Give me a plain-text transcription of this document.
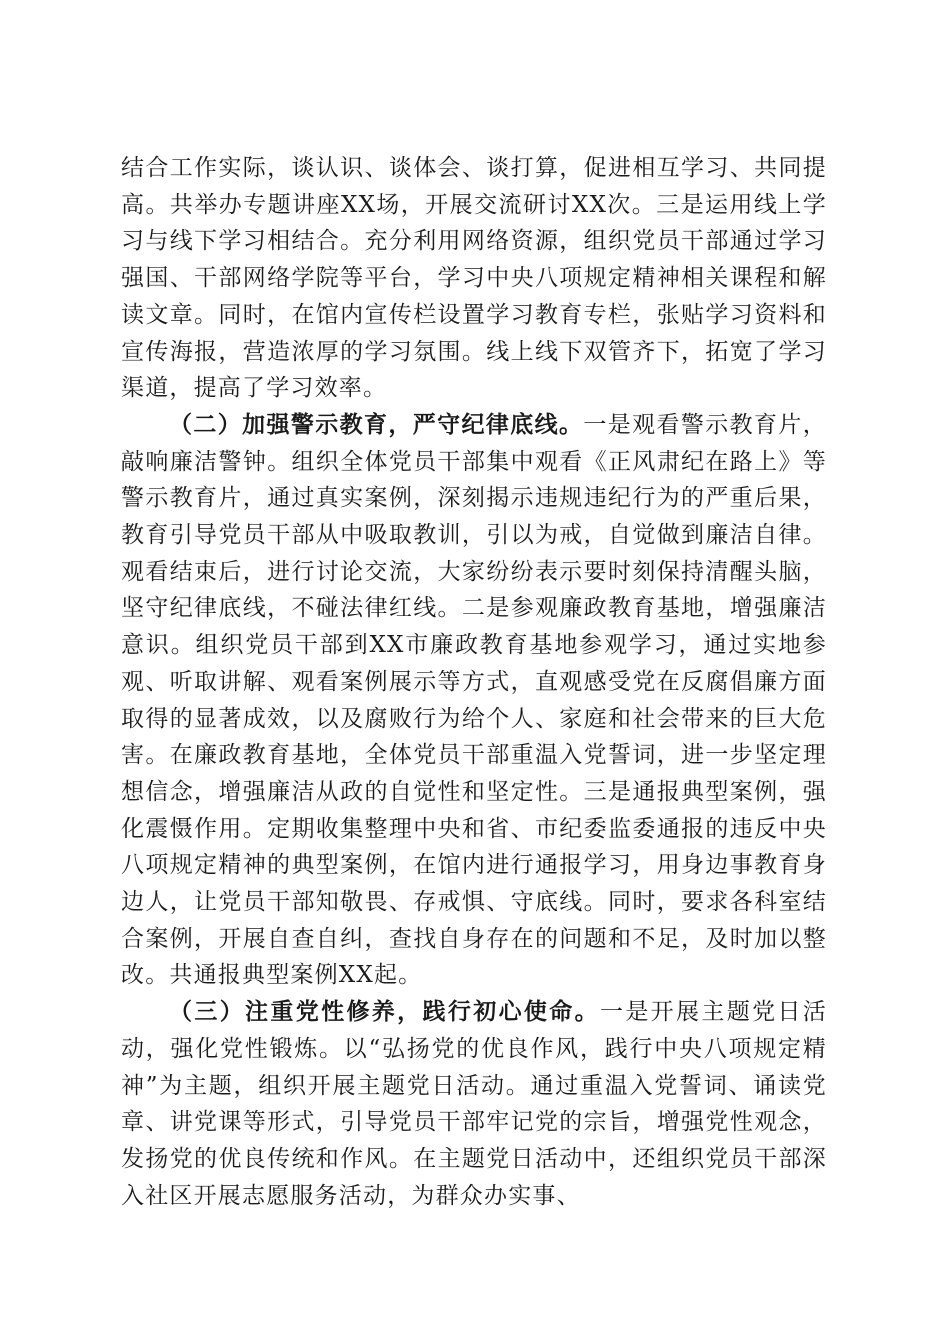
结合工作实际，谈认识、谈体会、谈打算，促进相互学习、共同提高。共举办专题讲座XX场，开展交流研讨XX次。三是运用线上学习与线下学习相结合。充分利用网络资源，组织党员干部通过学习强国、干部网络学院等平台，学习中央八项规定精神相关课程和解读文章。同时，在馆内宣传栏设置学习教育专栏，张贴学习资料和宣传海报，营造浓厚的学习氛围。线上线下双管齐下，拓宽了学习渠道，提高了学习效率。

（二）加强警示教育，严守纪律底线。一是观看警示教育片，敲响廉洁警钟。组织全体党员干部集中观看《正风肃纪在路上》等警示教育片，通过真实案例，深刻揭示违规违纪行为的严重后果，教育引导党员干部从中吸取教训，引以为戒，自觉做到廉洁自律。观看结束后，进行讨论交流，大家纷纷表示要时刻保持清醒头脑，坚守纪律底线，不碰法律红线。二是参观廉政教育基地，增强廉洁意识。组织党员干部到XX市廉政教育基地参观学习，通过实地参观、听取讲解、观看案例展示等方式，直观感受党在反腐倡廉方面取得的显著成效，以及腐败行为给个人、家庭和社会带来的巨大危害。在廉政教育基地，全体党员干部重温入党誓词，进一步坚定理想信念，增强廉洁从政的自觉性和坚定性。三是通报典型案例，强化震慑作用。定期收集整理中央和省、市纪委监委通报的违反中央八项规定精神的典型案例，在馆内进行通报学习，用身边事教育身边人，让党员干部知敬畏、存戒惧、守底线。同时，要求各科室结合案例，开展自查自纠，查找自身存在的问题和不足，及时加以整改。共通报典型案例XX起。

（三）注重党性修养，践行初心使命。一是开展主题党日活动，强化党性锻炼。以“弘扬党的优良作风，践行中央八项规定精神”为主题，组织开展主题党日活动。通过重温入党誓词、诵读党章、讲党课等形式，引导党员干部牢记党的宗旨，增强党性观念，发扬党的优良传统和作风。在主题党日活动中，还组织党员干部深入社区开展志愿服务活动，为群众办实事、
